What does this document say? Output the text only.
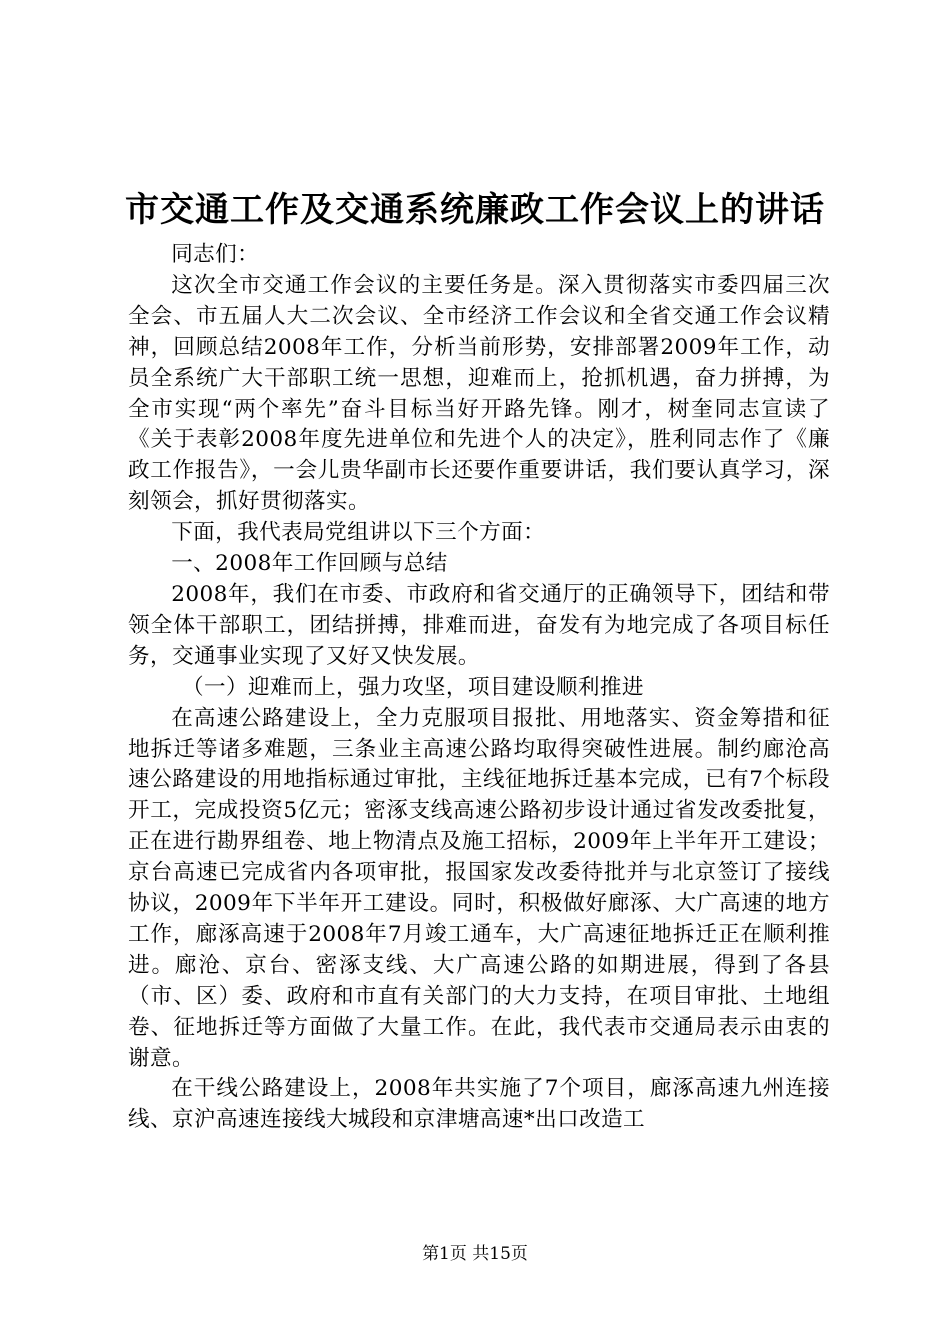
市交通工作及交通系统廉政工作会议上的讲话

同志们：

这次全市交通工作会议的主要任务是。深入贯彻落实市委四届三次全会、市五届人大二次会议、全市经济工作会议和全省交通工作会议精神，回顾总结2008年工作，分析当前形势，安排部署2009年工作，动员全系统广大干部职工统一思想，迎难而上，抢抓机遇，奋力拼搏，为全市实现“两个率先”奋斗目标当好开路先锋。刚才，树奎同志宣读了《关于表彰2008年度先进单位和先进个人的决定》，胜利同志作了《廉政工作报告》，一会儿贵华副市长还要作重要讲话，我们要认真学习，深刻领会，抓好贯彻落实。

下面，我代表局党组讲以下三个方面：

一、2008年工作回顾与总结

2008年，我们在市委、市政府和省交通厅的正确领导下，团结和带领全体干部职工，团结拼搏，排难而进，奋发有为地完成了各项目标任务，交通事业实现了又好又快发展。

（一）迎难而上，强力攻坚，项目建设顺利推进

在高速公路建设上，全力克服项目报批、用地落实、资金筹措和征地拆迁等诸多难题，三条业主高速公路均取得突破性进展。制约廊沧高速公路建设的用地指标通过审批，主线征地拆迁基本完成，已有7个标段开工，完成投资5亿元；密涿支线高速公路初步设计通过省发改委批复，正在进行勘界组卷、地上物清点及施工招标，2009年上半年开工建设；京台高速已完成省内各项审批，报国家发改委待批并与北京签订了接线协议，2009年下半年开工建设。同时，积极做好廊涿、大广高速的地方工作，廊涿高速于2008年7月竣工通车，大广高速征地拆迁正在顺利推进。廊沧、京台、密涿支线、大广高速公路的如期进展，得到了各县（市、区）委、政府和市直有关部门的大力支持，在项目审批、土地组卷、征地拆迁等方面做了大量工作。在此，我代表市交通局表示由衷的谢意。

在干线公路建设上，2008年共实施了7个项目，廊涿高速九州连接线、京沪高速连接线大城段和京津塘高速*出口改造工

第1页 共15页
